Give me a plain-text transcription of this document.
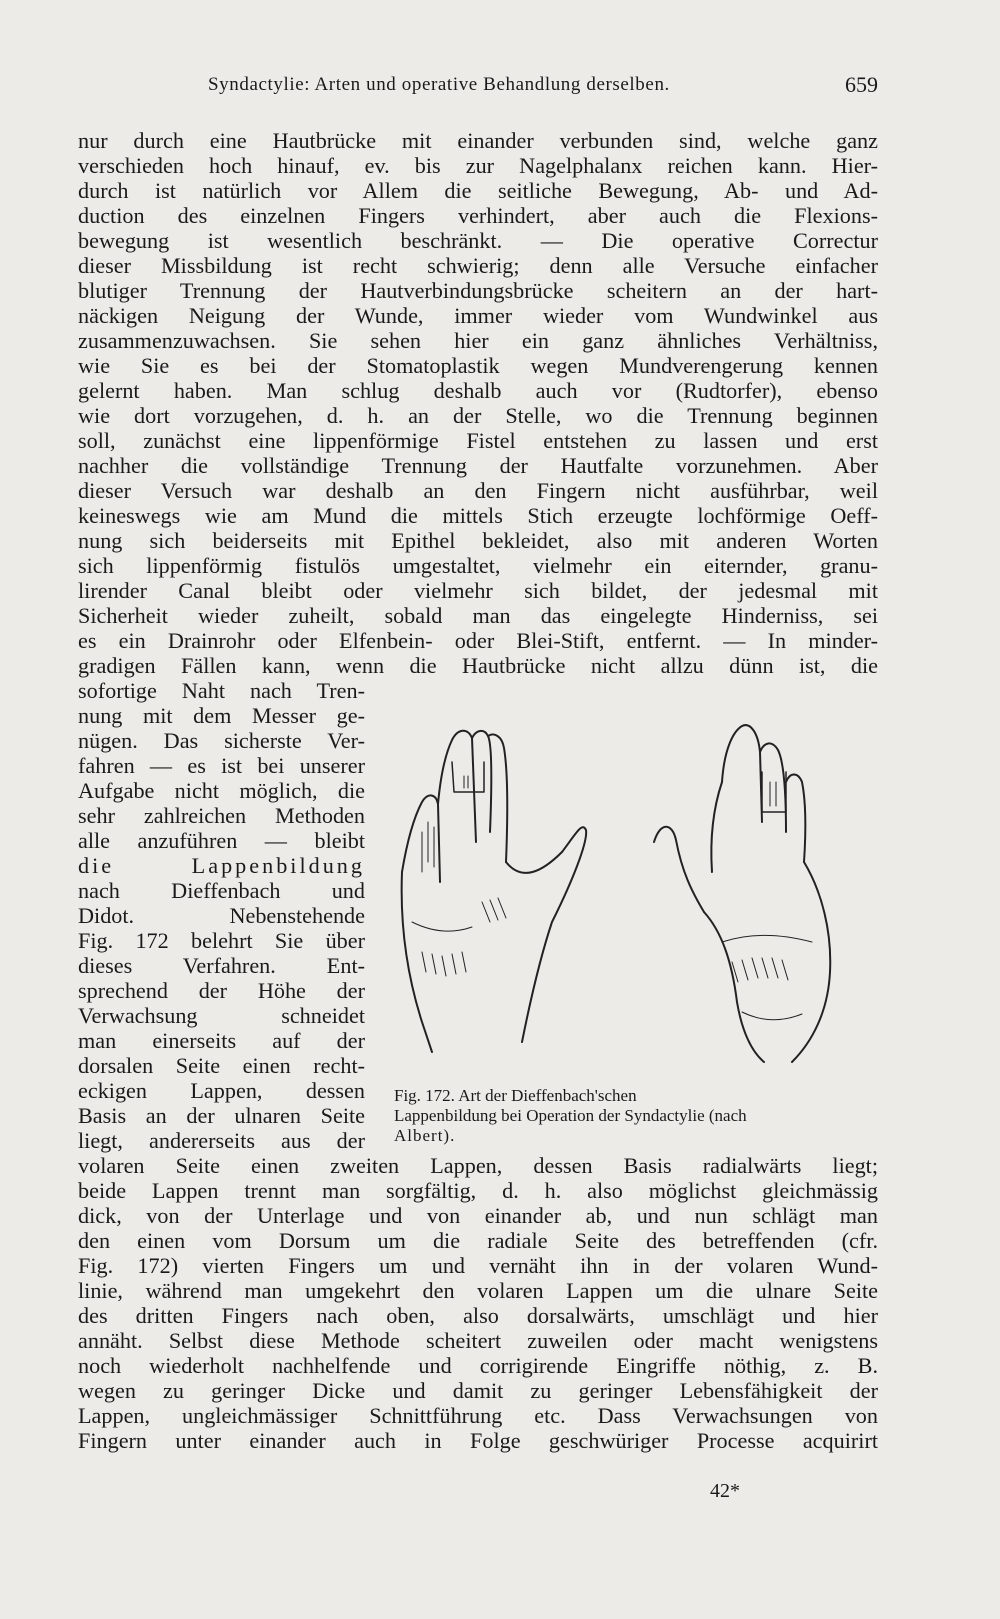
Syndactylie: Arten und operative Behandlung derselben.	659
nur durch eine Hautbrücke mit einander verbunden sind, welche ganz
verschieden hoch hinauf, ev. bis zur Nagelphalanx reichen kann. Hier-
durch ist natürlich vor Allem die seitliche Bewegung, Ab- und Ad-
duction des einzelnen Fingers verhindert, aber auch die Flexions-
bewegung ist wesentlich beschränkt. — Die operative Correctur
dieser Missbildung ist recht schwierig; denn alle Versuche einfacher
blutiger Trennung der Hautverbindungsbrücke scheitern an der hart-
näckigen Neigung der Wunde, immer wieder vom Wundwinkel aus
zusammenzuwachsen. Sie sehen hier ein ganz ähnliches Verhältniss,
wie Sie es bei der Stomatoplastik wegen Mundverengerung kennen
gelernt haben. Man schlug deshalb auch vor (Rudtorfer), ebenso
wie dort vorzugehen, d. h. an der Stelle, wo die Trennung beginnen
soll, zunächst eine lippenförmige Fistel entstehen zu lassen und erst
nachher die vollständige Trennung der Hautfalte vorzunehmen. Aber
dieser Versuch war deshalb an den Fingern nicht ausführbar, weil
keineswegs wie am Mund die mittels Stich erzeugte lochförmige Oeff-
nung sich beiderseits mit Epithel bekleidet, also mit anderen Worten
sich lippenförmig fistulös umgestaltet, vielmehr ein eiternder, granu-
lirender Canal bleibt oder vielmehr sich bildet, der jedesmal mit
Sicherheit wieder zuheilt, sobald man das eingelegte Hinderniss, sei
es ein Drainrohr oder Elfenbein- oder Blei-Stift, entfernt. — In minder-
gradigen Fällen kann, wenn die Hautbrücke nicht allzu dünn ist, die
sofortige Naht nach Tren-
nung mit dem Messer ge-
nügen. Das sicherste Ver-
fahren — es ist bei unserer
Aufgabe nicht möglich, die
sehr zahlreichen Methoden
alle anzuführen — bleibt
die Lappenbildung
nach Dieffenbach und
Didot. Nebenstehende
Fig. 172 belehrt Sie über
dieses Verfahren. Ent-
sprechend der Höhe der
Verwachsung schneidet
man einerseits auf der
dorsalen Seite einen recht-
eckigen Lappen, dessen
Basis an der ulnaren Seite
liegt, andererseits aus der
Fig. 172. Art der Dieffenbach'schen
Lappenbildung bei Operation der Syndactylie (nach
Albert).
volaren Seite einen zweiten Lappen, dessen Basis radialwärts liegt;
beide Lappen trennt man sorgfältig, d. h. also möglichst gleichmässig
dick, von der Unterlage und von einander ab, und nun schlägt man
den einen vom Dorsum um die radiale Seite des betreffenden (cfr.
Fig. 172) vierten Fingers um und vernäht ihn in der volaren Wund-
linie, während man umgekehrt den volaren Lappen um die ulnare Seite
des dritten Fingers nach oben, also dorsalwärts, umschlägt und hier
annäht. Selbst diese Methode scheitert zuweilen oder macht wenigstens
noch wiederholt nachhelfende und corrigirende Eingriffe nöthig, z. B.
wegen zu geringer Dicke und damit zu geringer Lebensfähigkeit der
Lappen, ungleichmässiger Schnittführung etc. Dass Verwachsungen von
Fingern unter einander auch in Folge geschwüriger Processe acquirirt
42*
